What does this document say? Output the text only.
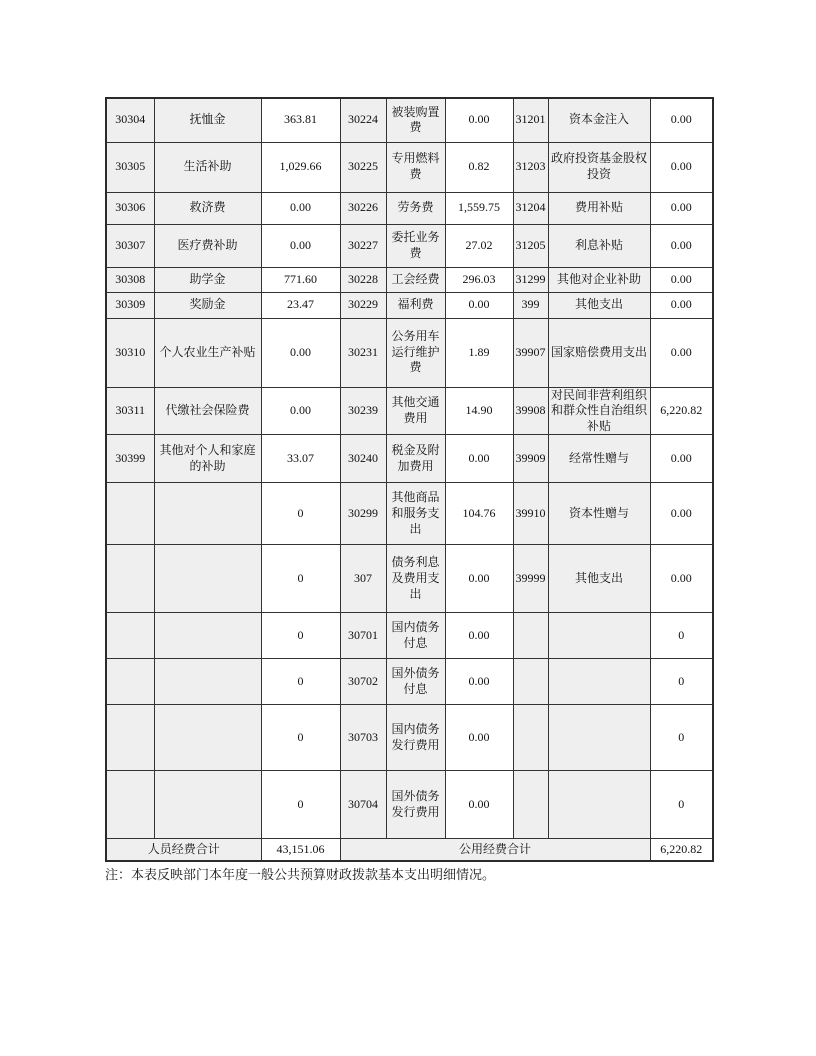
30304	抚恤金	363.81	30224	被装购置费	0.00	31201	资本金注入	0.00
30305	生活补助	1,029.66	30225	专用燃料费	0.82	31203	政府投资基金股权投资	0.00
30306	救济费	0.00	30226	劳务费	1,559.75	31204	费用补贴	0.00
30307	医疗费补助	0.00	30227	委托业务费	27.02	31205	利息补贴	0.00
30308	助学金	771.60	30228	工会经费	296.03	31299	其他对企业补助	0.00
30309	奖励金	23.47	30229	福利费	0.00	399	其他支出	0.00
30310	个人农业生产补贴	0.00	30231	公务用车运行维护费	1.89	39907	国家赔偿费用支出	0.00
30311	代缴社会保险费	0.00	30239	其他交通费用	14.90	39908	对民间非营利组织和群众性自治组织补贴	6,220.82
30399	其他对个人和家庭的补助	33.07	30240	税金及附加费用	0.00	39909	经常性赠与	0.00
		0	30299	其他商品和服务支出	104.76	39910	资本性赠与	0.00
		0	307	债务利息及费用支出	0.00	39999	其他支出	0.00
		0	30701	国内债务付息	0.00			0
		0	30702	国外债务付息	0.00			0
		0	30703	国内债务发行费用	0.00			0
		0	30704	国外债务发行费用	0.00			0
人员经费合计		43,151.06	公用经费合计					6,220.82
注：本表反映部门本年度一般公共预算财政拨款基本支出明细情况。
